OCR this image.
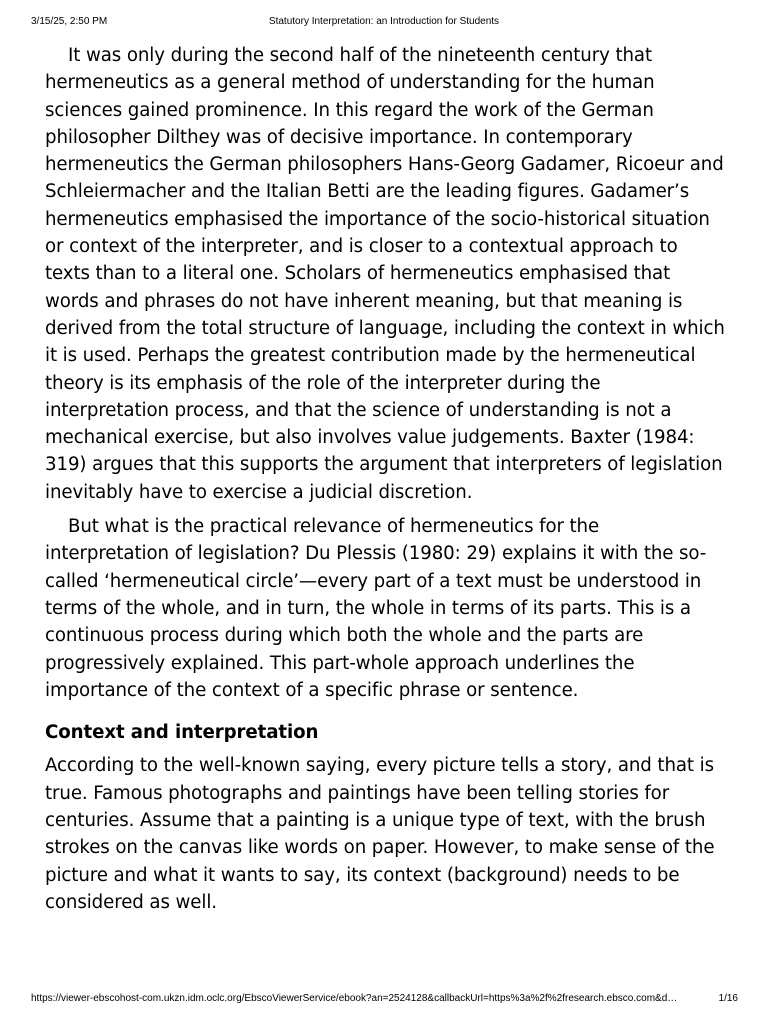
3/15/25, 2:50 PM	Statutory Interpretation: an Introduction for Students

It was only during the second half of the nineteenth century that hermeneutics as a general method of understanding for the human sciences gained prominence. In this regard the work of the German philosopher Dilthey was of decisive importance. In contemporary hermeneutics the German philosophers Hans-Georg Gadamer, Ricoeur and Schleiermacher and the Italian Betti are the leading figures. Gadamer’s hermeneutics emphasised the importance of the socio-historical situation or context of the interpreter, and is closer to a contextual approach to texts than to a literal one. Scholars of hermeneutics emphasised that words and phrases do not have inherent meaning, but that meaning is derived from the total structure of language, including the context in which it is used. Perhaps the greatest contribution made by the hermeneutical theory is its emphasis of the role of the interpreter during the interpretation process, and that the science of understanding is not a mechanical exercise, but also involves value judgements. Baxter (1984: 319) argues that this supports the argument that interpreters of legislation inevitably have to exercise a judicial discretion.

But what is the practical relevance of hermeneutics for the interpretation of legislation? Du Plessis (1980: 29) explains it with the so-called ‘hermeneutical circle’—every part of a text must be understood in terms of the whole, and in turn, the whole in terms of its parts. This is a continuous process during which both the whole and the parts are progressively explained. This part-whole approach underlines the importance of the context of a specific phrase or sentence.

Context and interpretation

According to the well-known saying, every picture tells a story, and that is true. Famous photographs and paintings have been telling stories for centuries. Assume that a painting is a unique type of text, with the brush strokes on the canvas like words on paper. However, to make sense of the picture and what it wants to say, its context (background) needs to be considered as well.

https://viewer-ebscohost-com.ukzn.idm.oclc.org/EbscoViewerService/ebook?an=2524128&callbackUrl=https%3a%2f%2fresearch.ebsco.com&d…	1/16
